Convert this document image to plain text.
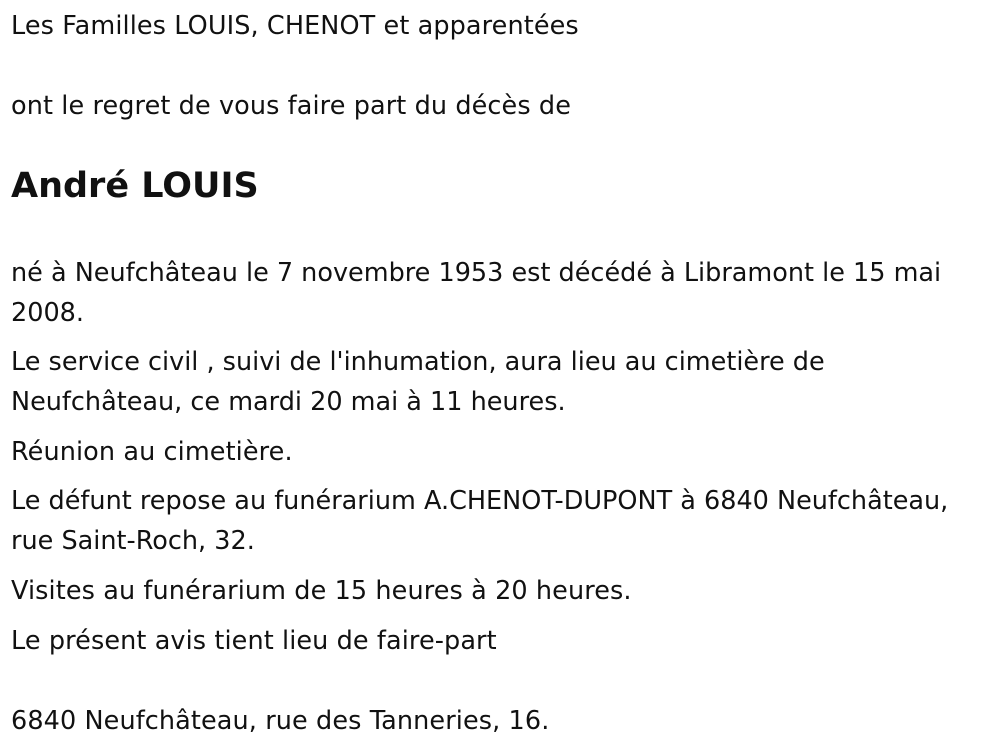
Les Familles LOUIS, CHENOT et apparentées
ont le regret de vous faire part du décès de
André LOUIS
né à Neufchâteau le 7 novembre 1953 est décédé à Libramont le 15 mai 2008.
Le service civil , suivi de l'inhumation, aura lieu au cimetière de Neufchâteau, ce mardi 20 mai à 11 heures.
Réunion au cimetière.
Le défunt repose au funérarium A.CHENOT-DUPONT à 6840 Neufchâteau, rue Saint-Roch, 32.
Visites au funérarium de 15 heures à 20 heures.
Le présent avis tient lieu de faire-part
6840 Neufchâteau, rue des Tanneries, 16.
